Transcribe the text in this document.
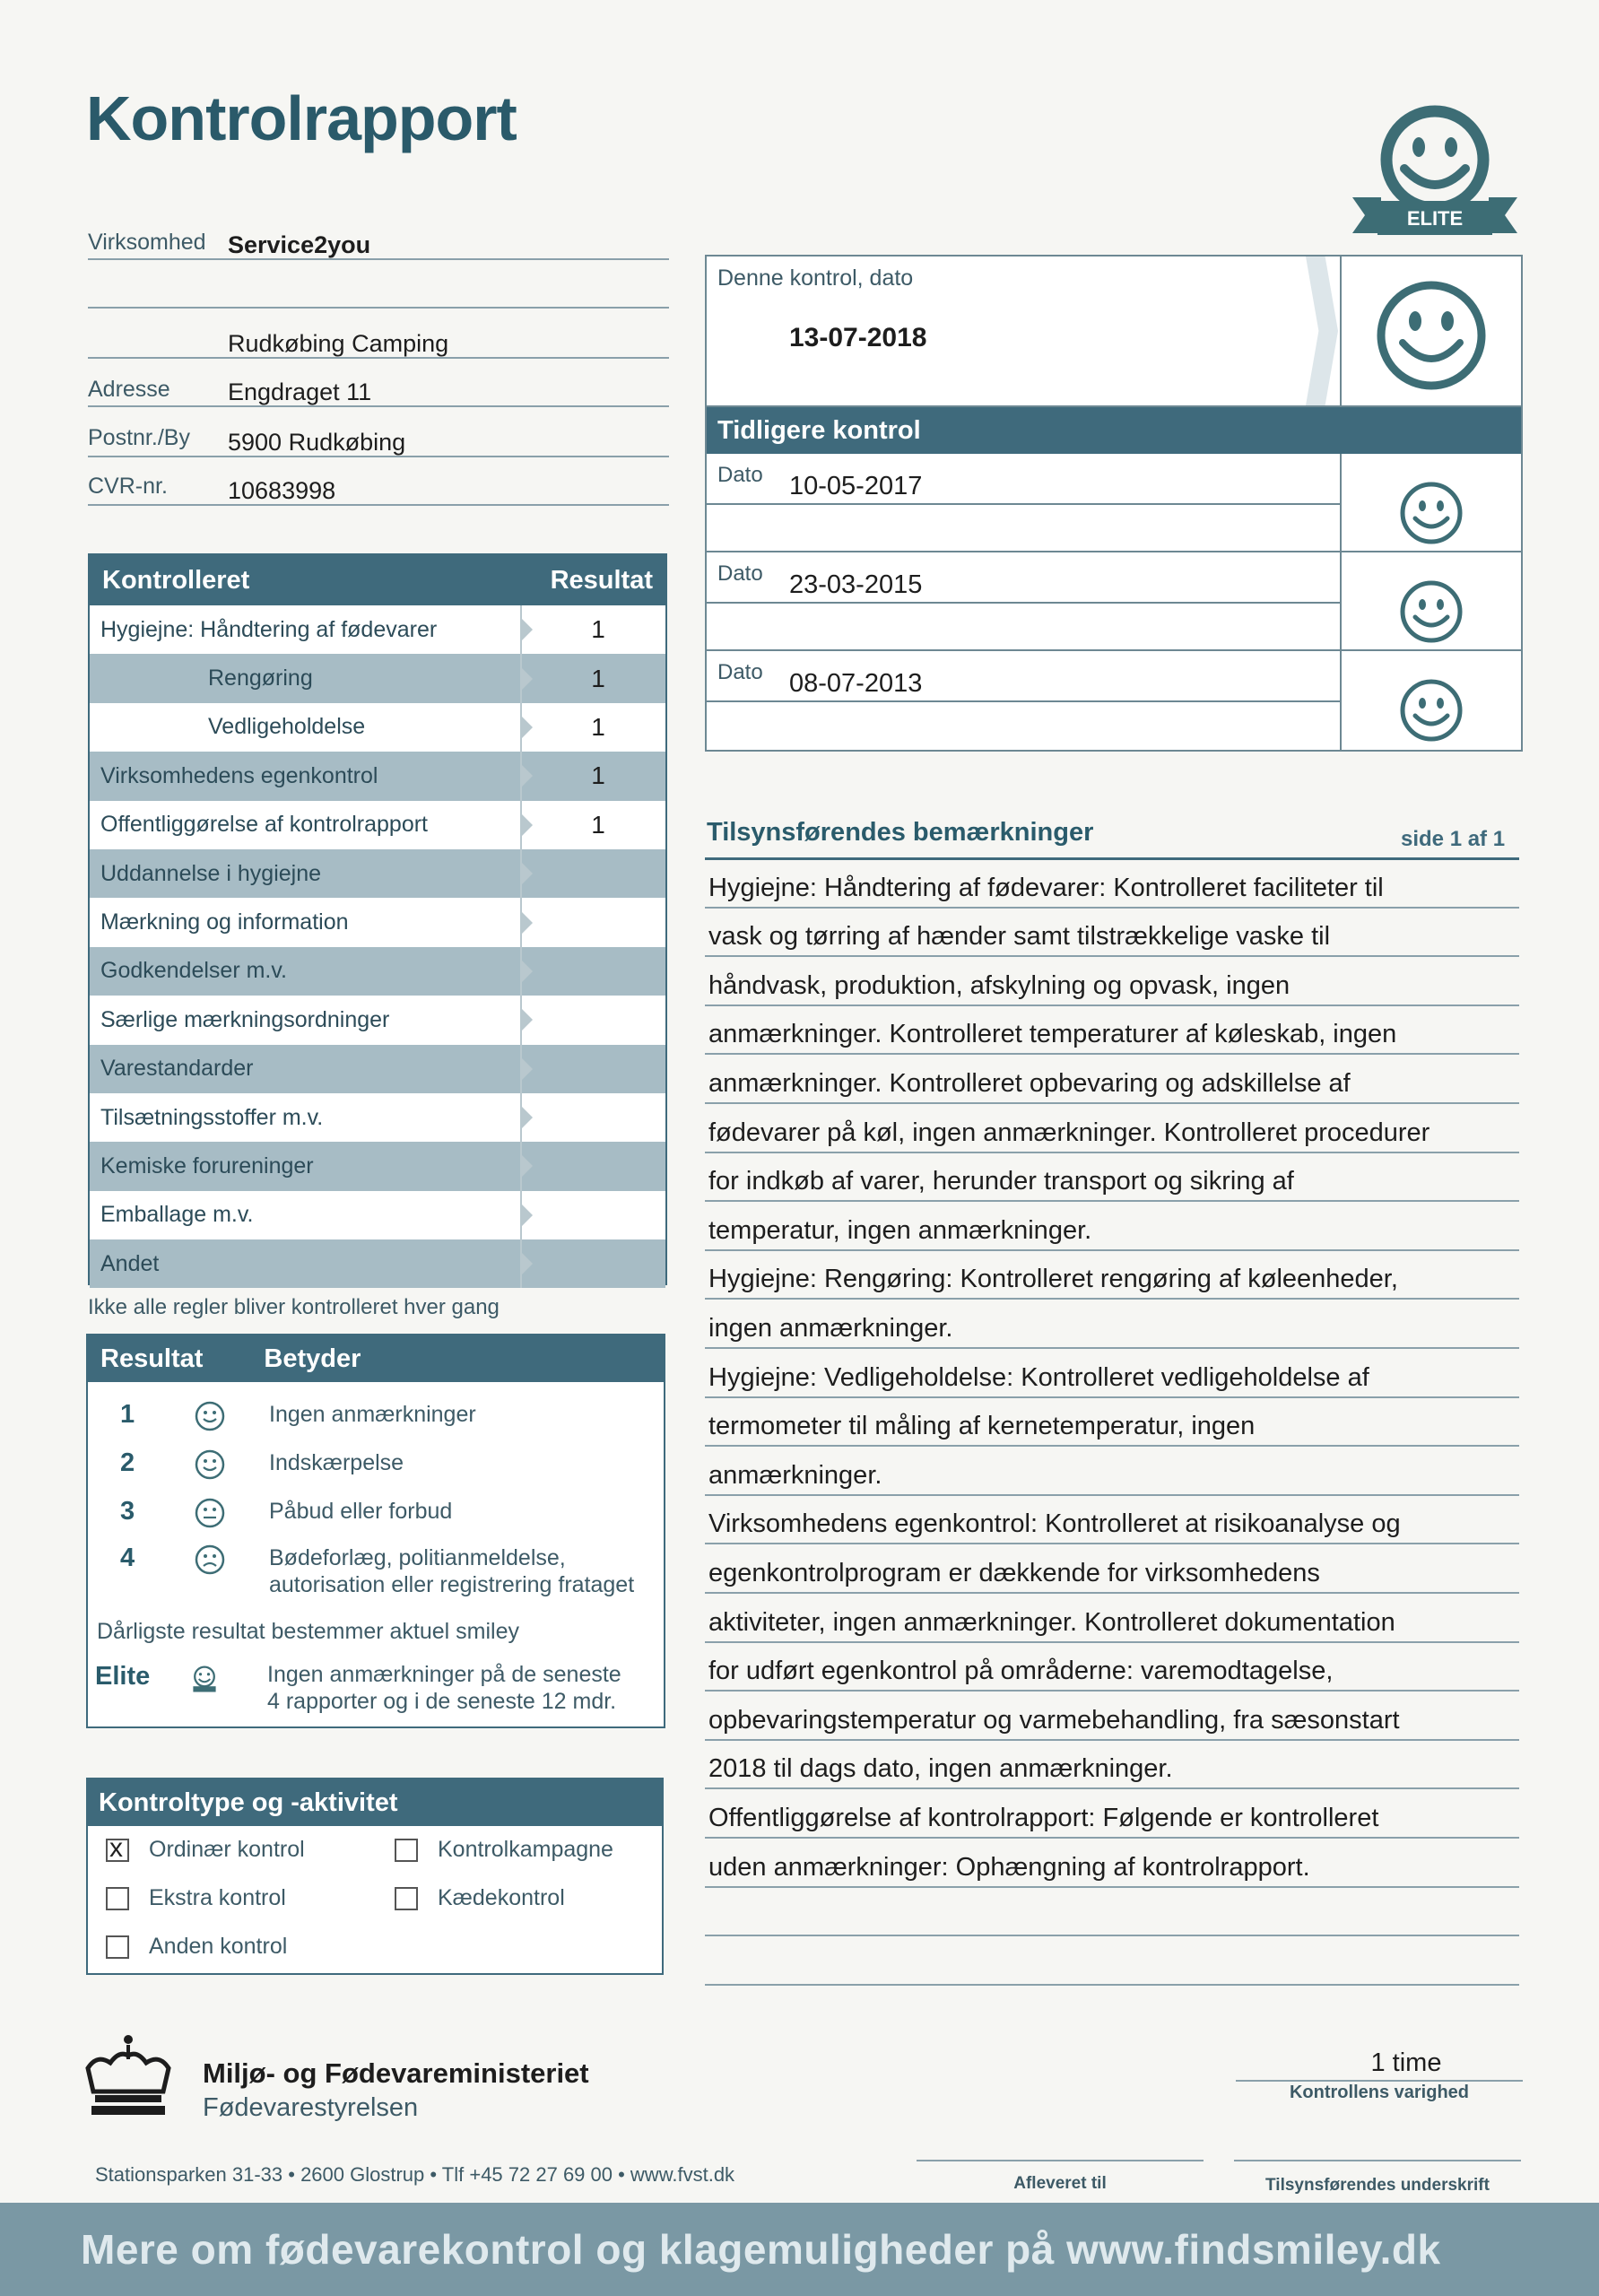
Kontrolrapport
ELITE
Virksomhed Service2you
Rudkøbing Camping
Adresse Engdraget 11
Postnr./By 5900 Rudkøbing
CVR-nr. 10683998
Kontrolleret	Resultat
Hygiejne: Håndtering af fødevarer	1
Rengøring	1
Vedligeholdelse	1
Virksomhedens egenkontrol	1
Offentliggørelse af kontrolrapport	1
Uddannelse i hygiejne
Mærkning og information
Godkendelser m.v.
Særlige mærkningsordninger
Varestandarder
Tilsætningsstoffer m.v.
Kemiske forureninger
Emballage m.v.
Andet
Ikke alle regler bliver kontrolleret hver gang
Resultat Betyder
1	Ingen anmærkninger
2	Indskærpelse
3	Påbud eller forbud
4	Bødeforlæg, politianmeldelse,
autorisation eller registrering frataget
Dårligste resultat bestemmer aktuel smiley
Elite	Ingen anmærkninger på de seneste
4 rapporter og i de seneste 12 mdr.
Kontroltype og -aktivitet
x
Ordinær kontrol	Kontrolkampagne
Ekstra kontrol	Kædekontrol
Anden kontrol
Denne kontrol, dato
13-07-2018
Tidligere kontrol
Dato 10-05-2017
Dato 23-03-2015
Dato 08-07-2013
Tilsynsførendes bemærkninger	side 1 af 1
Hygiejne: Håndtering af fødevarer: Kontrolleret faciliteter til
vask og tørring af hænder samt tilstrækkelige vaske til
håndvask, produktion, afskylning og opvask, ingen
anmærkninger. Kontrolleret temperaturer af køleskab, ingen
anmærkninger. Kontrolleret opbevaring og adskillelse af
fødevarer på køl, ingen anmærkninger. Kontrolleret procedurer
for indkøb af varer, herunder transport og sikring af
temperatur, ingen anmærkninger.
Hygiejne: Rengøring: Kontrolleret rengøring af køleenheder,
ingen anmærkninger.
Hygiejne: Vedligeholdelse: Kontrolleret vedligeholdelse af
termometer til måling af kernetemperatur, ingen
anmærkninger.
Virksomhedens egenkontrol: Kontrolleret at risikoanalyse og
egenkontrolprogram er dækkende for virksomhedens
aktiviteter, ingen anmærkninger. Kontrolleret dokumentation
for udført egenkontrol på områderne: varemodtagelse,
opbevaringstemperatur og varmebehandling, fra sæsonstart
2018 til dags dato, ingen anmærkninger.
Offentliggørelse af kontrolrapport: Følgende er kontrolleret
uden anmærkninger: Ophængning af kontrolrapport.
Miljø- og Fødevareministeriet
Fødevarestyrelsen
1 time
Kontrollens varighed
Stationsparken 31-33 • 2600 Glostrup • Tlf +45 72 27 69 00 • www.fvst.dk	Afleveret til	Tilsynsførendes underskrift
Mere om fødevarekontrol og klagemuligheder på www.findsmiley.dk
